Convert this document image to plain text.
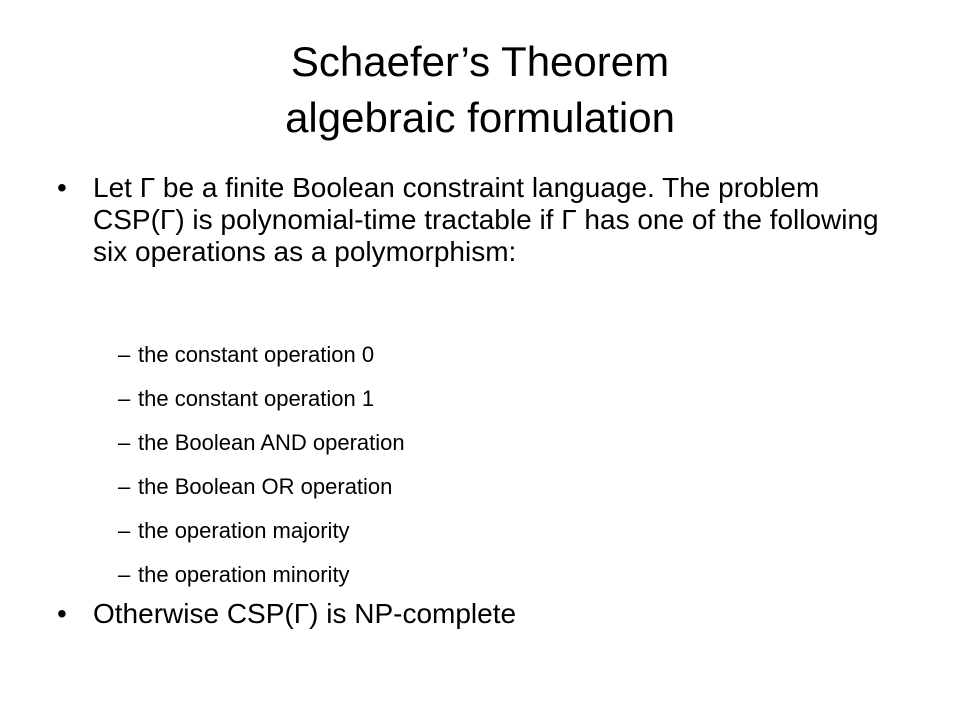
Schaefer’s Theorem
algebraic formulation
• Let Γ be a finite Boolean constraint language. The problem CSP(Γ) is polynomial-time tractable if Γ has one of the following six operations as a polymorphism:
– the constant operation 0
– the constant operation 1
– the Boolean AND operation
– the Boolean OR operation
– the operation majority
– the operation minority
• Otherwise CSP(Γ) is NP-complete
